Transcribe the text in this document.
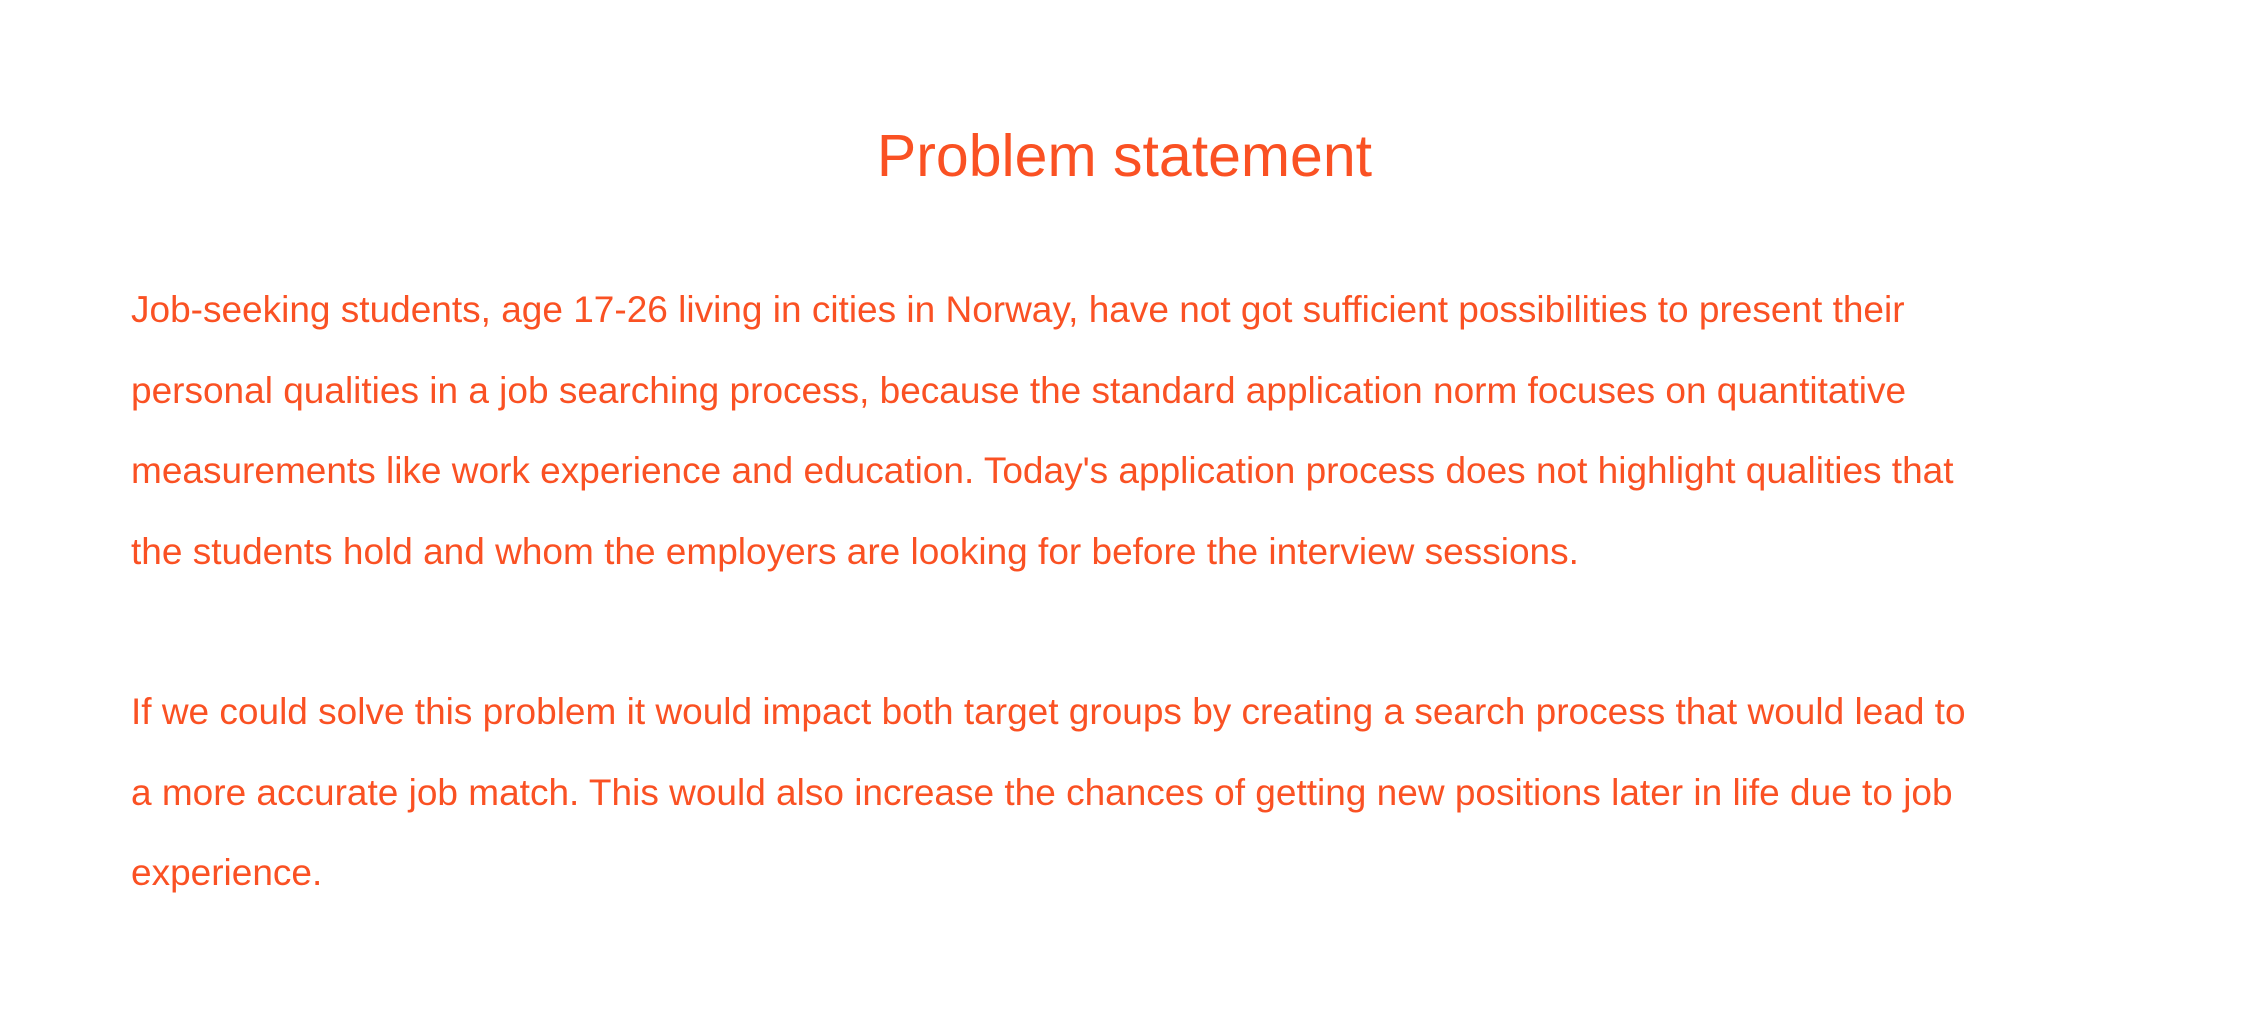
Problem statement
Job-seeking students, age 17-26 living in cities in Norway, have not got sufficient possibilities to present their
personal qualities in a job searching process, because the standard application norm focuses on quantitative
measurements like work experience and education. Today's application process does not highlight qualities that
the students hold and whom the employers are looking for before the interview sessions.
If we could solve this problem it would impact both target groups by creating a search process that would lead to
a more accurate job match. This would also increase the chances of getting new positions later in life due to job
experience.
